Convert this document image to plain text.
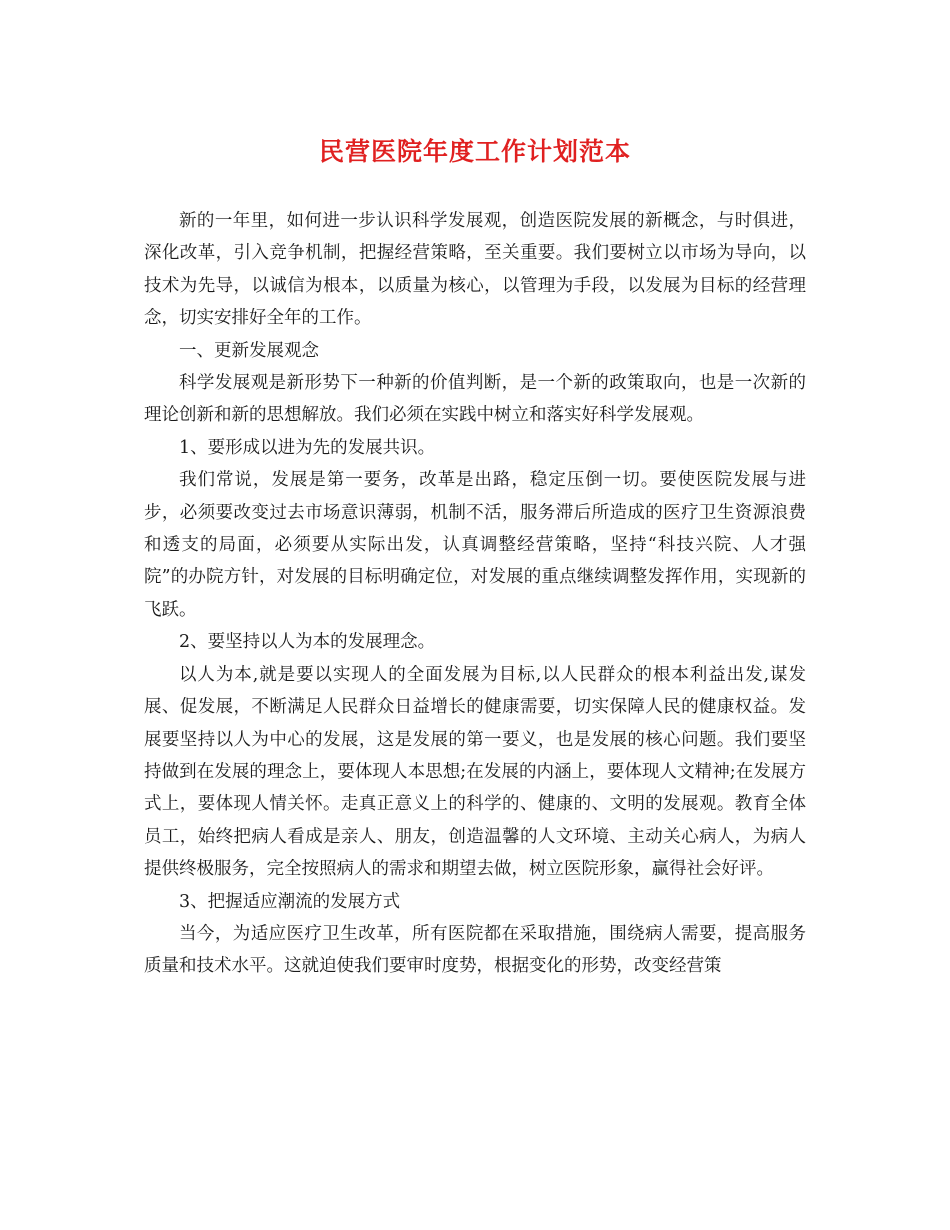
民营医院年度工作计划范本

新的一年里，如何进一步认识科学发展观，创造医院发展的新概念，与时俱进，深化改革，引入竞争机制，把握经营策略，至关重要。我们要树立以市场为导向，以技术为先导，以诚信为根本，以质量为核心，以管理为手段，以发展为目标的经营理念，切实安排好全年的工作。

一、更新发展观念

科学发展观是新形势下一种新的价值判断，是一个新的政策取向，也是一次新的理论创新和新的思想解放。我们必须在实践中树立和落实好科学发展观。

1、要形成以进为先的发展共识。

我们常说，发展是第一要务，改革是出路，稳定压倒一切。要使医院发展与进步，必须要改变过去市场意识薄弱，机制不活，服务滞后所造成的医疗卫生资源浪费和透支的局面，必须要从实际出发，认真调整经营策略，坚持“科技兴院、人才强院”的办院方针，对发展的目标明确定位，对发展的重点继续调整发挥作用，实现新的飞跃。

2、要坚持以人为本的发展理念。

以人为本,就是要以实现人的全面发展为目标,以人民群众的根本利益出发,谋发展、促发展，不断满足人民群众日益增长的健康需要，切实保障人民的健康权益。发展要坚持以人为中心的发展，这是发展的第一要义，也是发展的核心问题。我们要坚持做到在发展的理念上，要体现人本思想;在发展的内涵上，要体现人文精神;在发展方式上，要体现人情关怀。走真正意义上的科学的、健康的、文明的发展观。教育全体员工，始终把病人看成是亲人、朋友，创造温馨的人文环境、主动关心病人，为病人提供终极服务，完全按照病人的需求和期望去做，树立医院形象，赢得社会好评。

3、把握适应潮流的发展方式

当今，为适应医疗卫生改革，所有医院都在采取措施，围绕病人需要，提高服务质量和技术水平。这就迫使我们要审时度势，根据变化的形势，改变经营策
